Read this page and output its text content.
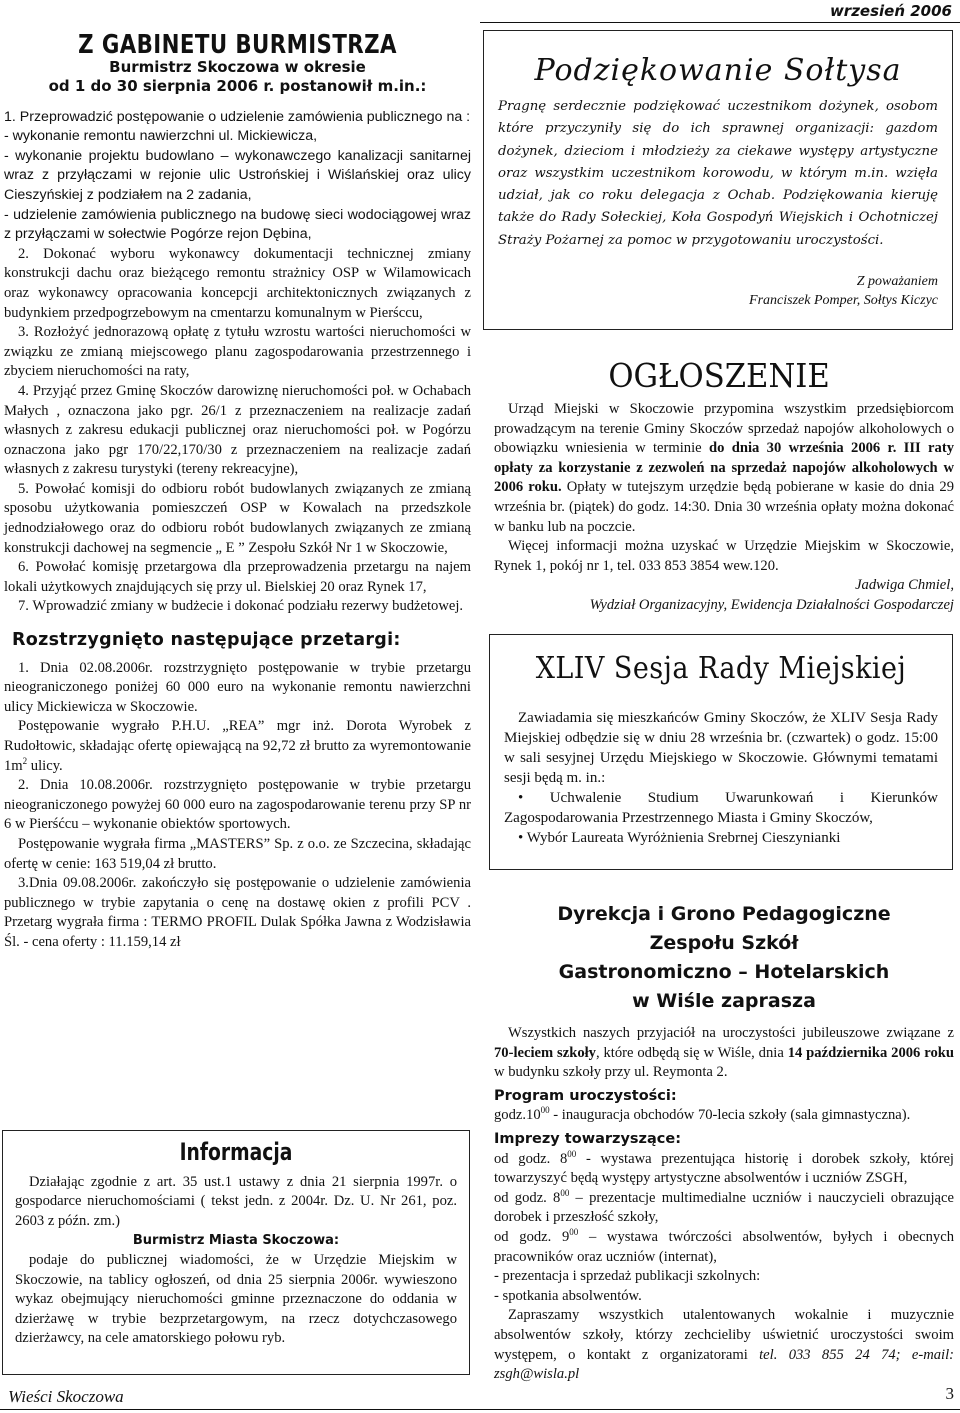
wrzesień 2006
Z GABINETU BURMISTRZA
Burmistrz Skoczowa w okresie
od 1 do 30 sierpnia 2006 r. postanowił m.in.:

1. Przeprowadzić postępowanie o udzielenie zamówienia publicznego na :

- wykonanie remontu nawierzchni ul. Mickiewicza,

- wykonanie projektu budowlano – wykonawczego kanalizacji sanitarnej wraz z przyłączami w rejonie ulic Ustrońskiej i Wiślańskiej oraz ulicy Cieszyńskiej z podziałem na 2 zadania,

- udzielenie zamówienia publicznego na budowę sieci wodociągowej wraz z przyłączami w sołectwie Pogórze rejon Dębina,

2. Dokonać wyboru wykonawcy dokumentacji technicznej zmiany konstrukcji dachu oraz bieżącego remontu strażnicy OSP w Wilamowicach oraz wykonawcy opracowania koncepcji architektonicznych związanych z budynkiem przedpogrzebowym na cmentarzu komunalnym w Pierśccu,

3. Rozłożyć jednorazową opłatę z tytułu wzrostu wartości nieruchomości w związku ze zmianą miejscowego planu zagospodarowania przestrzennego i zbyciem nieruchomości na raty,

4. Przyjąć przez Gminę Skoczów darowiznę nieruchomości poł. w Ochabach Małych , oznaczona jako pgr. 26/1 z przeznaczeniem na realizacje zadań własnych z zakresu edukacji publicznej oraz nieruchomości poł. w Pogórzu oznaczona jako pgr 170/22,170/30 z przeznaczeniem na realizacje zadań własnych z zakresu turystyki (tereny rekreacyjne),

5. Powołać komisji do odbioru robót budowlanych związanych ze zmianą sposobu użytkowania pomieszczeń OSP w Kowalach na przedszkole jednodziałowego oraz do odbioru robót budowlanych związanych ze zmianą konstrukcji dachowej na segmencie „ E ” Zespołu Szkół Nr 1 w Skoczowie,

6. Powołać komisję przetargowa dla przeprowadzenia przetargu na najem lokali użytkowych znajdujących się przy ul. Bielskiej 20 oraz Rynek 17,

7. Wprowadzić zmiany w budżecie i dokonać podziału rezerwy budżetowej.

Rozstrzygnięto następujące przetargi:

1. Dnia 02.08.2006r. rozstrzygnięto postępowanie w trybie przetargu nieograniczonego poniżej 60 000 euro na wykonanie remontu nawierzchni ulicy Mickiewicza w Skoczowie.

Postępowanie wygrało P.H.U. „REA” mgr inż. Dorota Wyrobek z Rudołtowic, składając ofertę opiewającą na 92,72 zł brutto za wyremontowanie $1m^2$ ulicy.

2. Dnia 10.08.2006r. rozstrzygnięto postępowanie w trybie przetargu nieograniczonego powyżej 60 000 euro na zagospodarowanie terenu przy SP nr 6 w Pierśćcu – wykonanie obiektów sportowych.

Postępowanie wygrała firma „MASTERS” Sp. z o.o. ze Szczecina, składając ofertę w cenie: 163 519,04 zł brutto.

3.Dnia 09.08.2006r. zakończyło się postępowanie o udzielenie zamówienia publicznego w trybie zapytania o cenę na dostawę okien z profili PCV . Przetarg wygrała firma : TERMO PROFIL Dulak Spółka Jawna z Wodzisławia Śl. - cena oferty : 11.159,14 zł

Informacja

Działając zgodnie z art. 35 ust.1 ustawy z dnia 21 sierpnia 1997r. o gospodarce nieruchomościami ( tekst jedn. z 2004r. Dz. U. Nr 261, poz. 2603 z późn. zm.)

Burmistrz Miasta Skoczowa:

podaje do publicznej wiadomości, że w Urzędzie Miejskim w Skoczowie, na tablicy ogłoszeń, od dnia 25 sierpnia 2006r. wywieszono wykaz obejmujący nieruchomości gminne przeznaczone do oddania w dzierżawę w trybie bezprzetargowym, na rzecz dotychczasowego dzierżawcy, na cele amatorskiego połowu ryb.

Wieści Skoczowa	3
Podziękowanie Sołtysa
Pragnę serdecznie podziękować uczestnikom dożynek, osobom które przyczyniły się do ich sprawnej organizacji: gazdom dożynek, dzieciom i młodzieży za ciekawe występy artystyczne oraz wszystkim uczestnikom korowodu, w którym m.in. wzięła udział, jak co roku delegacja z Ochab. Podziękowania kieruję także do Rady Sołeckiej, Koła Gospodyń Wiejskich i Ochotniczej Straży Pożarnej za pomoc w przygotowaniu uroczystości.
Z poważaniem
Franciszek Pomper, Sołtys Kiczyc
OGŁOSZENIE

Urząd Miejski w Skoczowie przypomina wszystkim przedsiębiorcom prowadzącym na terenie Gminy Skoczów sprzedaż napojów alkoholowych o obowiązku wniesienia w terminie do dnia 30 września 2006 r. III raty opłaty za korzystanie z zezwoleń na sprzedaż napojów alkoholowych w 2006 roku. Opłaty w tutejszym urzędzie będą pobierane w kasie do dnia 29 września br. (piątek) do godz. 14:30. Dnia 30 września opłaty można dokonać w banku lub na poczcie.

Więcej informacji można uzyskać w Urzędzie Miejskim w Skoczowie, Rynek 1, pokój nr 1, tel. 033 853 3854 wew.120.

Jadwiga Chmiel,

Wydział Organizacyjny, Ewidencja Działalności Gospodarczej

XLIV Sesja Rady Miejskiej

Zawiadamia się mieszkańców Gminy Skoczów, że XLIV Sesja Rady Miejskiej odbędzie się w dniu 28 września br. (czwartek) o godz. 15:00 w sali sesyjnej Urzędu Miejskiego w Skoczowie. Głównymi tematami sesji będą m. in.:

• Uchwalenie Studium Uwarunkowań i Kierunków Zagospodarowania Przestrzennego Miasta i Gminy Skoczów,

• Wybór Laureata Wyróżnienia Srebrnej Cieszynianki

Dyrekcja i Grono Pedagogiczne
Zespołu Szkół
Gastronomiczno – Hotelarskich
w Wiśle zaprasza

Wszystkich naszych przyjaciół na uroczystości jubileuszowe związane z 70-leciem szkoły, które odbędą się w Wiśle, dnia 14 października 2006 roku w budynku szkoły przy ul. Reymonta 2.

Program uroczystości:

$godz.10^{00}$ - inauguracja obchodów 70-lecia szkoły (sala gimnastyczna).

Imprezy towarzyszące:

od godz. $8^{00}$ - wystawa prezentująca historię i dorobek szkoły, której towarzyszyć będą występy artystyczne absolwentów i uczniów ZSGH,

od godz. $8^{00}$ – prezentacje multimedialne uczniów i nauczycieli obrazujące dorobek i przeszłość szkoły,

od godz. $9^{00}$ – wystawa twórczości absolwentów, byłych i obecnych pracowników oraz uczniów (internat),

- prezentacja i sprzedaż publikacji szkolnych:

- spotkania absolwentów.

Zapraszamy wszystkich utalentowanych wokalnie i muzycznie absolwentów szkoły, którzy zechcieliby uświetnić uroczystości swoim występem, o kontakt z organizatorami tel. 033 855 24 74; e-mail: zsgh@wisla.pl
